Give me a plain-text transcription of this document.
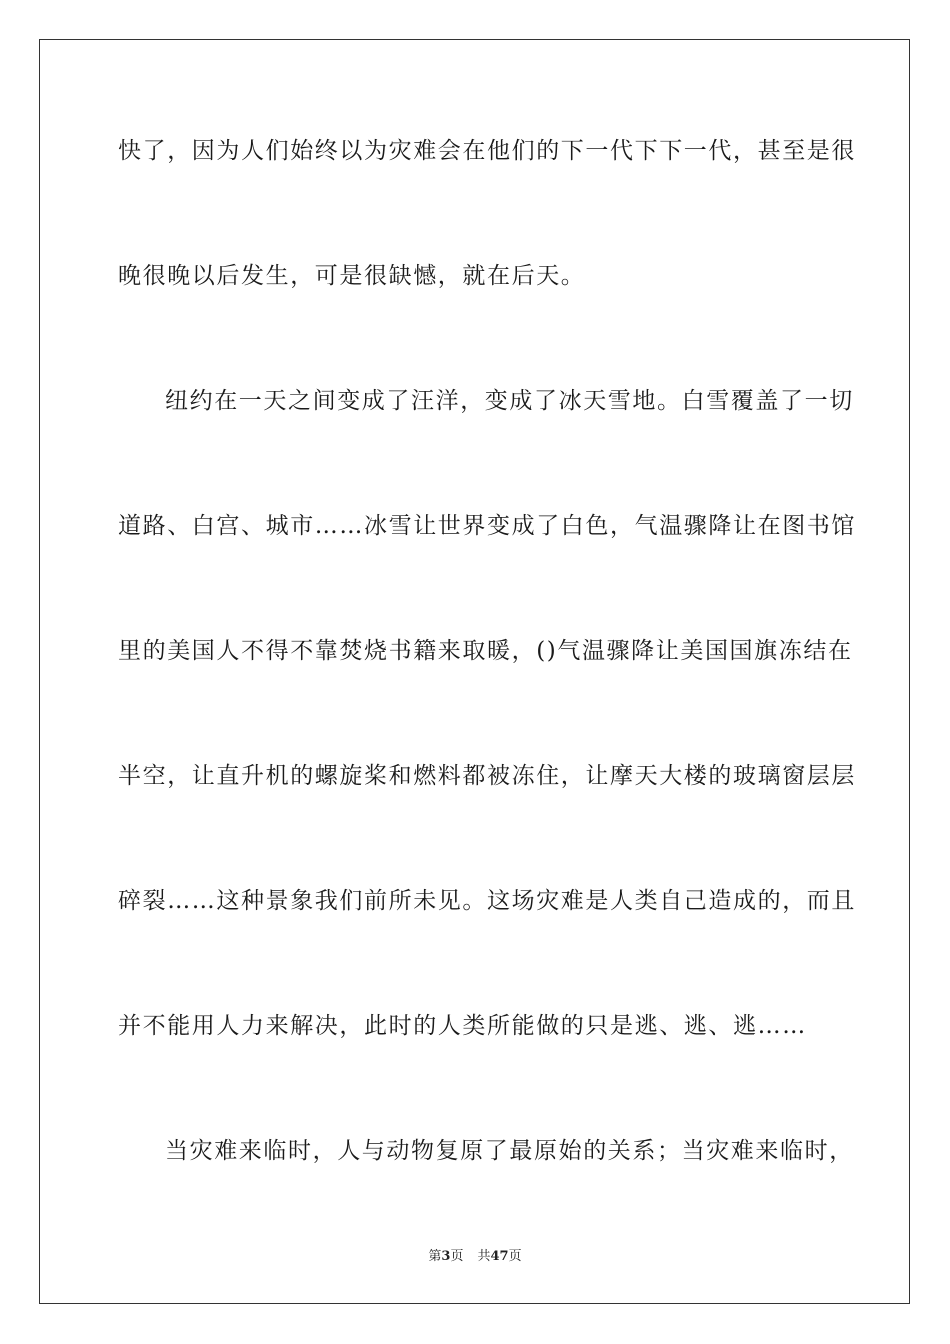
快了，因为人们始终以为灾难会在他们的下一代下下一代，甚至是很
晚很晚以后发生，可是很缺憾，就在后天。
纽约在一天之间变成了汪洋，变成了冰天雪地。白雪覆盖了一切
道路、白宫、城市……冰雪让世界变成了白色，气温骤降让在图书馆
里的美国人不得不靠焚烧书籍来取暖，()气温骤降让美国国旗冻结在
半空，让直升机的螺旋桨和燃料都被冻住，让摩天大楼的玻璃窗层层
碎裂……这种景象我们前所未见。这场灾难是人类自己造成的，而且
并不能用人力来解决，此时的人类所能做的只是逃、逃、逃……
当灾难来临时，人与动物复原了最原始的关系；当灾难来临时，
第3页 共47页
